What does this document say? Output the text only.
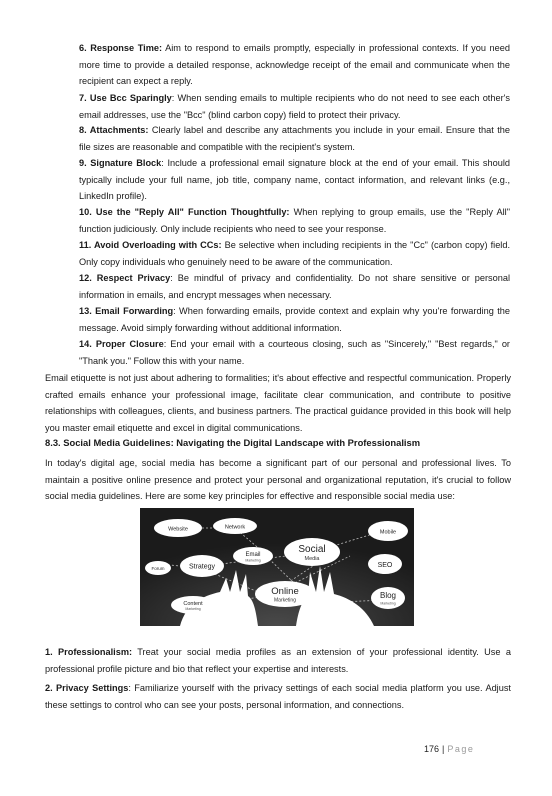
6. Response Time: Aim to respond to emails promptly, especially in professional contexts. If you need more time to provide a detailed response, acknowledge receipt of the email and communicate when the recipient can expect a reply.

7. Use Bcc Sparingly: When sending emails to multiple recipients who do not need to see each other's email addresses, use the "Bcc" (blind carbon copy) field to protect their privacy.

8. Attachments: Clearly label and describe any attachments you include in your email. Ensure that the file sizes are reasonable and compatible with the recipient's system.

9. Signature Block: Include a professional email signature block at the end of your email. This should typically include your full name, job title, company name, contact information, and relevant links (e.g., LinkedIn profile).

10. Use the "Reply All" Function Thoughtfully: When replying to group emails, use the "Reply All" function judiciously. Only include recipients who need to see your response.

11. Avoid Overloading with CCs: Be selective when including recipients in the "Cc" (carbon copy) field. Only copy individuals who genuinely need to be aware of the communication.

12. Respect Privacy: Be mindful of privacy and confidentiality. Do not share sensitive or personal information in emails, and encrypt messages when necessary.

13. Email Forwarding: When forwarding emails, provide context and explain why you're forwarding the message. Avoid simply forwarding without additional information.

14. Proper Closure: End your email with a courteous closing, such as "Sincerely," "Best regards," or "Thank you." Follow this with your name.

Email etiquette is not just about adhering to formalities; it's about effective and respectful communication. Properly crafted emails enhance your professional image, facilitate clear communication, and contribute to positive relationships with colleagues, clients, and business partners. The practical guidance provided in this book will help you master email etiquette and excel in digital communications.

8.3. Social Media Guidelines: Navigating the Digital Landscape with Professionalism

In today's digital age, social media has become a significant part of our personal and professional lives. To maintain a positive online presence and protect your personal and organizational reputation, it's crucial to follow social media guidelines. Here are some key principles for effective and responsible social media use:

Website	Network
Mobile
Email
Marketing
Social
Media
Strategy
Forum	SEO
Online
Marketing
Blog
Marketing
Content
Marketing

1. Professionalism: Treat your social media profiles as an extension of your professional identity. Use a professional profile picture and bio that reflect your expertise and interests.

2. Privacy Settings: Familiarize yourself with the privacy settings of each social media platform you use. Adjust these settings to control who can see your posts, personal information, and connections.

176 | Page
